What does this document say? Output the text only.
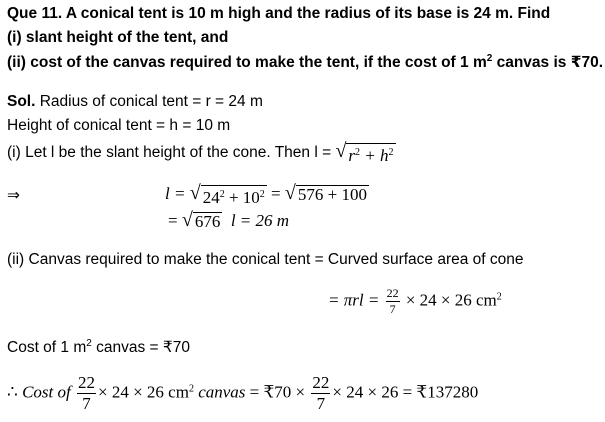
Que 11. A conical tent is 10 m high and the radius of its base is 24 m. Find
(i) slant height of the tent, and
(ii) cost of the canvas required to make the tent, if the cost of 1 $m^2$ canvas is ₹70.
Sol. Radius of conical tent = r = 24 m
Height of conical tent = h = 10 m
(i) Let l be the slant height of the cone. Then l = √ $r^2 + h^2$
⇒	l = √ $24^2 + 10^2$ = √ 576 + 100
= √ 676 l = 26 m
(ii) Canvas required to make the conical tent = Curved surface area of cone
= $\pi rl = \frac{22}{7} \times 24 \times 26$ $cm^2$
Cost of 1 $m^2$ canvas = ₹70
∴ Cost of $\frac{22}{7} \times 24 \times 26$ $cm^2$ canvas = ₹70 × $\frac{22}{7} \times 24 \times 26$ = ₹137280
